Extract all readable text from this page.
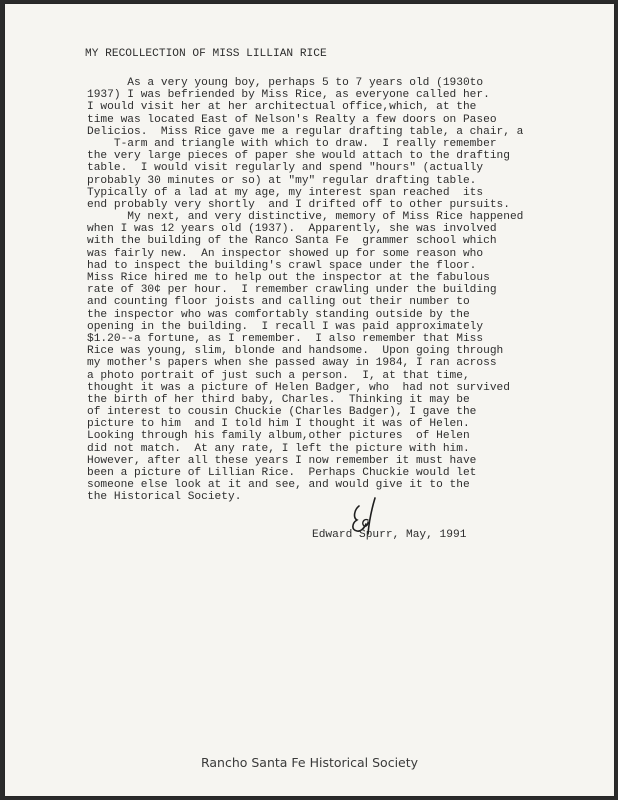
MY RECOLLECTION OF MISS LILLIAN RICE
As a very young boy, perhaps 5 to 7 years old (1930to
1937) I was befriended by Miss Rice, as everyone called her.
I would visit her at her architectual office,which, at the
time was located East of Nelson's Realty a few doors on Paseo
Delicios.  Miss Rice gave me a regular drafting table, a chair, a
T-arm and triangle with which to draw.  I really remember
the very large pieces of paper she would attach to the drafting
table.  I would visit regularly and spend "hours" (actually
probably 30 minutes or so) at "my" regular drafting table.
Typically of a lad at my age, my interest span reached  its
end probably very shortly  and I drifted off to other pursuits.
My next, and very distinctive, memory of Miss Rice happened
when I was 12 years old (1937).  Apparently, she was involved
with the building of the Ranco Santa Fe  grammer school which
was fairly new.  An inspector showed up for some reason who
had to inspect the building's crawl space under the floor.
Miss Rice hired me to help out the inspector at the fabulous
rate of 30¢ per hour.  I remember crawling under the building
and counting floor joists and calling out their number to
the inspector who was comfortably standing outside by the
opening in the building.  I recall I was paid approximately
$1.20--a fortune, as I remember.  I also remember that Miss
Rice was young, slim, blonde and handsome.  Upon going through
my mother's papers when she passed away in 1984, I ran across
a photo portrait of just such a person.  I, at that time,
thought it was a picture of Helen Badger, who  had not survived
the birth of her third baby, Charles.  Thinking it may be
of interest to cousin Chuckie (Charles Badger), I gave the
picture to him  and I told him I thought it was of Helen.
Looking through his family album,other pictures  of Helen
did not match.  At any rate, I left the picture with him.
However, after all these years I now remember it must have
been a picture of Lillian Rice.  Perhaps Chuckie would let
someone else look at it and see, and would give it to the
the Historical Society.
Edward Spurr, May, 1991
Rancho Santa Fe Historical Society
